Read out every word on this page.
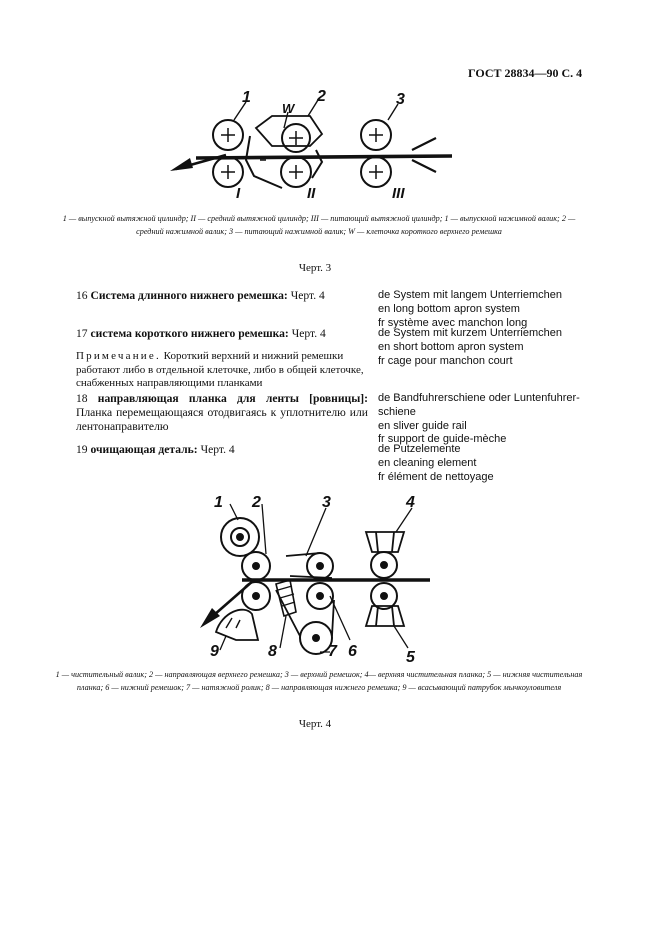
ГОСТ 28834—90 С. 4
1
W
2	3
I	II	III
1 — выпускной вытяжной цилиндр; II — средний вытяжной цилиндр; III — питающий вытяжной цилиндр; 1 — выпускной нажимной валик; 2 — средний нажимной валик; 3 — питающий нажимной валик; W — клеточка короткого верхнего ремешка
Черт. 3
16 Система длинного нижнего ремешка: Черт. 4	de System mit langem Unterriemchen
en long bottom apron system
fr système avec manchon long
17 система короткого нижнего ремешка: Черт. 4	de System mit kurzem Unterriemchen
en short bottom apron system
fr cage pour manchon court
Примечание. Короткий верхний и нижний ремешки работают либо в отдельной клеточке, либо в общей клеточке, снабженных направляющими планками
18 направляющая планка для ленты [ровницы]: Планка перемещающаяся отодвигаясь к уплотнителю или лентонаправителю
de Bandfuhrerschiene oder Luntenfuhrer-
schiene
en sliver guide rail
fr support de guide-mèche
19 очищающая деталь: Черт. 4	de Putzelemente
en cleaning element
fr élément de nettoyage
1 2	3	4
5
6
7
8
9
1 — чистительный валик; 2 — направляющая верхнего ремешка; 3 — верхний ремешок; 4— верхняя чистительная планка; 5 — нижняя чистительная планка; 6 — нижний ремешок; 7 — натяжной ролик; 8 — направляющая нижнего ремешка; 9 — всасывающий патрубок мычкоуловителя
Черт. 4
